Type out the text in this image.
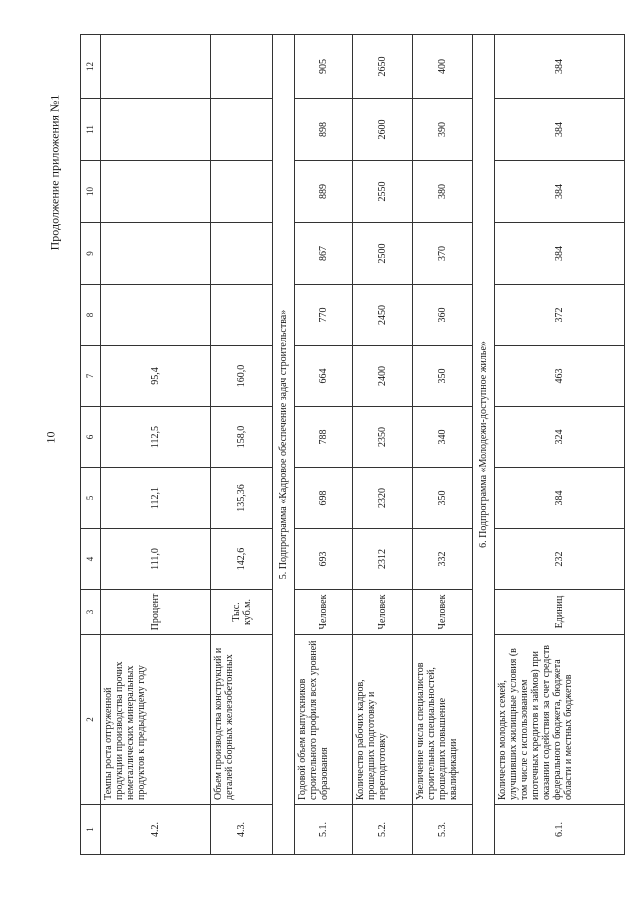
10
Продолжение приложения №1
1	2	3	4	5	6	7	8	9	10	11	12
4.2.	Темпы роста отгруженной продукции производства прочих неметаллических минеральных продуктов к предыдущему году	Процент	111,0	112,1	112,5	95,4					
4.3.	Объем производства конструкций и деталей сборных железобетонных	Тыс. куб.м.	142,6	135,36	158,0	160,0					
5. Подпрограмма «Кадровое обеспечение задач строительства»											
5.1.	Годовой объем выпускников строительного профиля всех уровней образования	Человек	693	698	788	664	770	867	889	898	905
5.2.	Количество рабочих кадров, прошедших подготовку и переподготовку	Человек	2312	2320	2350	2400	2450	2500	2550	2600	2650
5.3.	Увеличение числа специалистов строительных специальностей, прошедших повышение квалификации	Человек	332	350	340	350	360	370	380	390	400
6. Подпрограмма «Молодежи-доступное жилье»											
6.1.	Количество молодых семей, улучшивших жилищные условия (в том числе с использованием ипотечных кредитов и займов) при оказании содействия за счет средств федерального бюджета, бюджета области и местных бюджетов	Единиц	232	384	324	463	372	384	384	384	384
